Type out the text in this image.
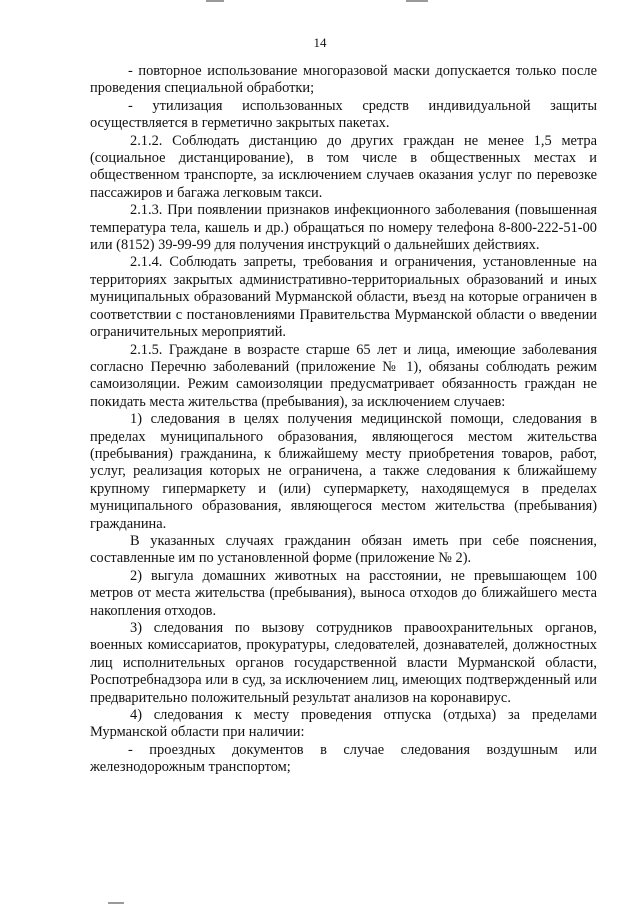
14

- повторное использование многоразовой маски допускается только после проведения специальной обработки;

- утилизация использованных средств индивидуальной защиты осуществляется в герметично закрытых пакетах.

2.1.2. Соблюдать дистанцию до других граждан не менее 1,5 метра (социальное дистанцирование), в том числе в общественных местах и общественном транспорте, за исключением случаев оказания услуг по перевозке пассажиров и багажа легковым такси.

2.1.3. При появлении признаков инфекционного заболевания (повышенная температура тела, кашель и др.) обращаться по номеру телефона 8-800-222-51-00 или (8152) 39-99-99 для получения инструкций о дальнейших действиях.

2.1.4. Соблюдать запреты, требования и ограничения, установленные на территориях закрытых административно-территориальных образований и иных муниципальных образований Мурманской области, въезд на которые ограничен в соответствии с постановлениями Правительства Мурманской области о введении ограничительных мероприятий.

2.1.5. Граждане в возрасте старше 65 лет и лица, имеющие заболевания согласно Перечню заболеваний (приложение № 1), обязаны соблюдать режим самоизоляции. Режим самоизоляции предусматривает обязанность граждан не покидать места жительства (пребывания), за исключением случаев:

1) следования в целях получения медицинской помощи, следования в пределах муниципального образования, являющегося местом жительства (пребывания) гражданина, к ближайшему месту приобретения товаров, работ, услуг, реализация которых не ограничена, а также следования к ближайшему крупному гипермаркету и (или) супермаркету, находящемуся в пределах муниципального образования, являющегося местом жительства (пребывания) гражданина.

В указанных случаях гражданин обязан иметь при себе пояснения, составленные им по установленной форме (приложение № 2).

2) выгула домашних животных на расстоянии, не превышающем 100 метров от места жительства (пребывания), выноса отходов до ближайшего места накопления отходов.

3) следования по вызову сотрудников правоохранительных органов, военных комиссариатов, прокуратуры, следователей, дознавателей, должностных лиц исполнительных органов государственной власти Мурманской области, Роспотребнадзора или в суд, за исключением лиц, имеющих подтвержденный или предварительно положительный результат анализов на коронавирус.

4) следования к месту проведения отпуска (отдыха) за пределами Мурманской области при наличии:

- проездных документов в случае следования воздушным или железнодорожным транспортом;
